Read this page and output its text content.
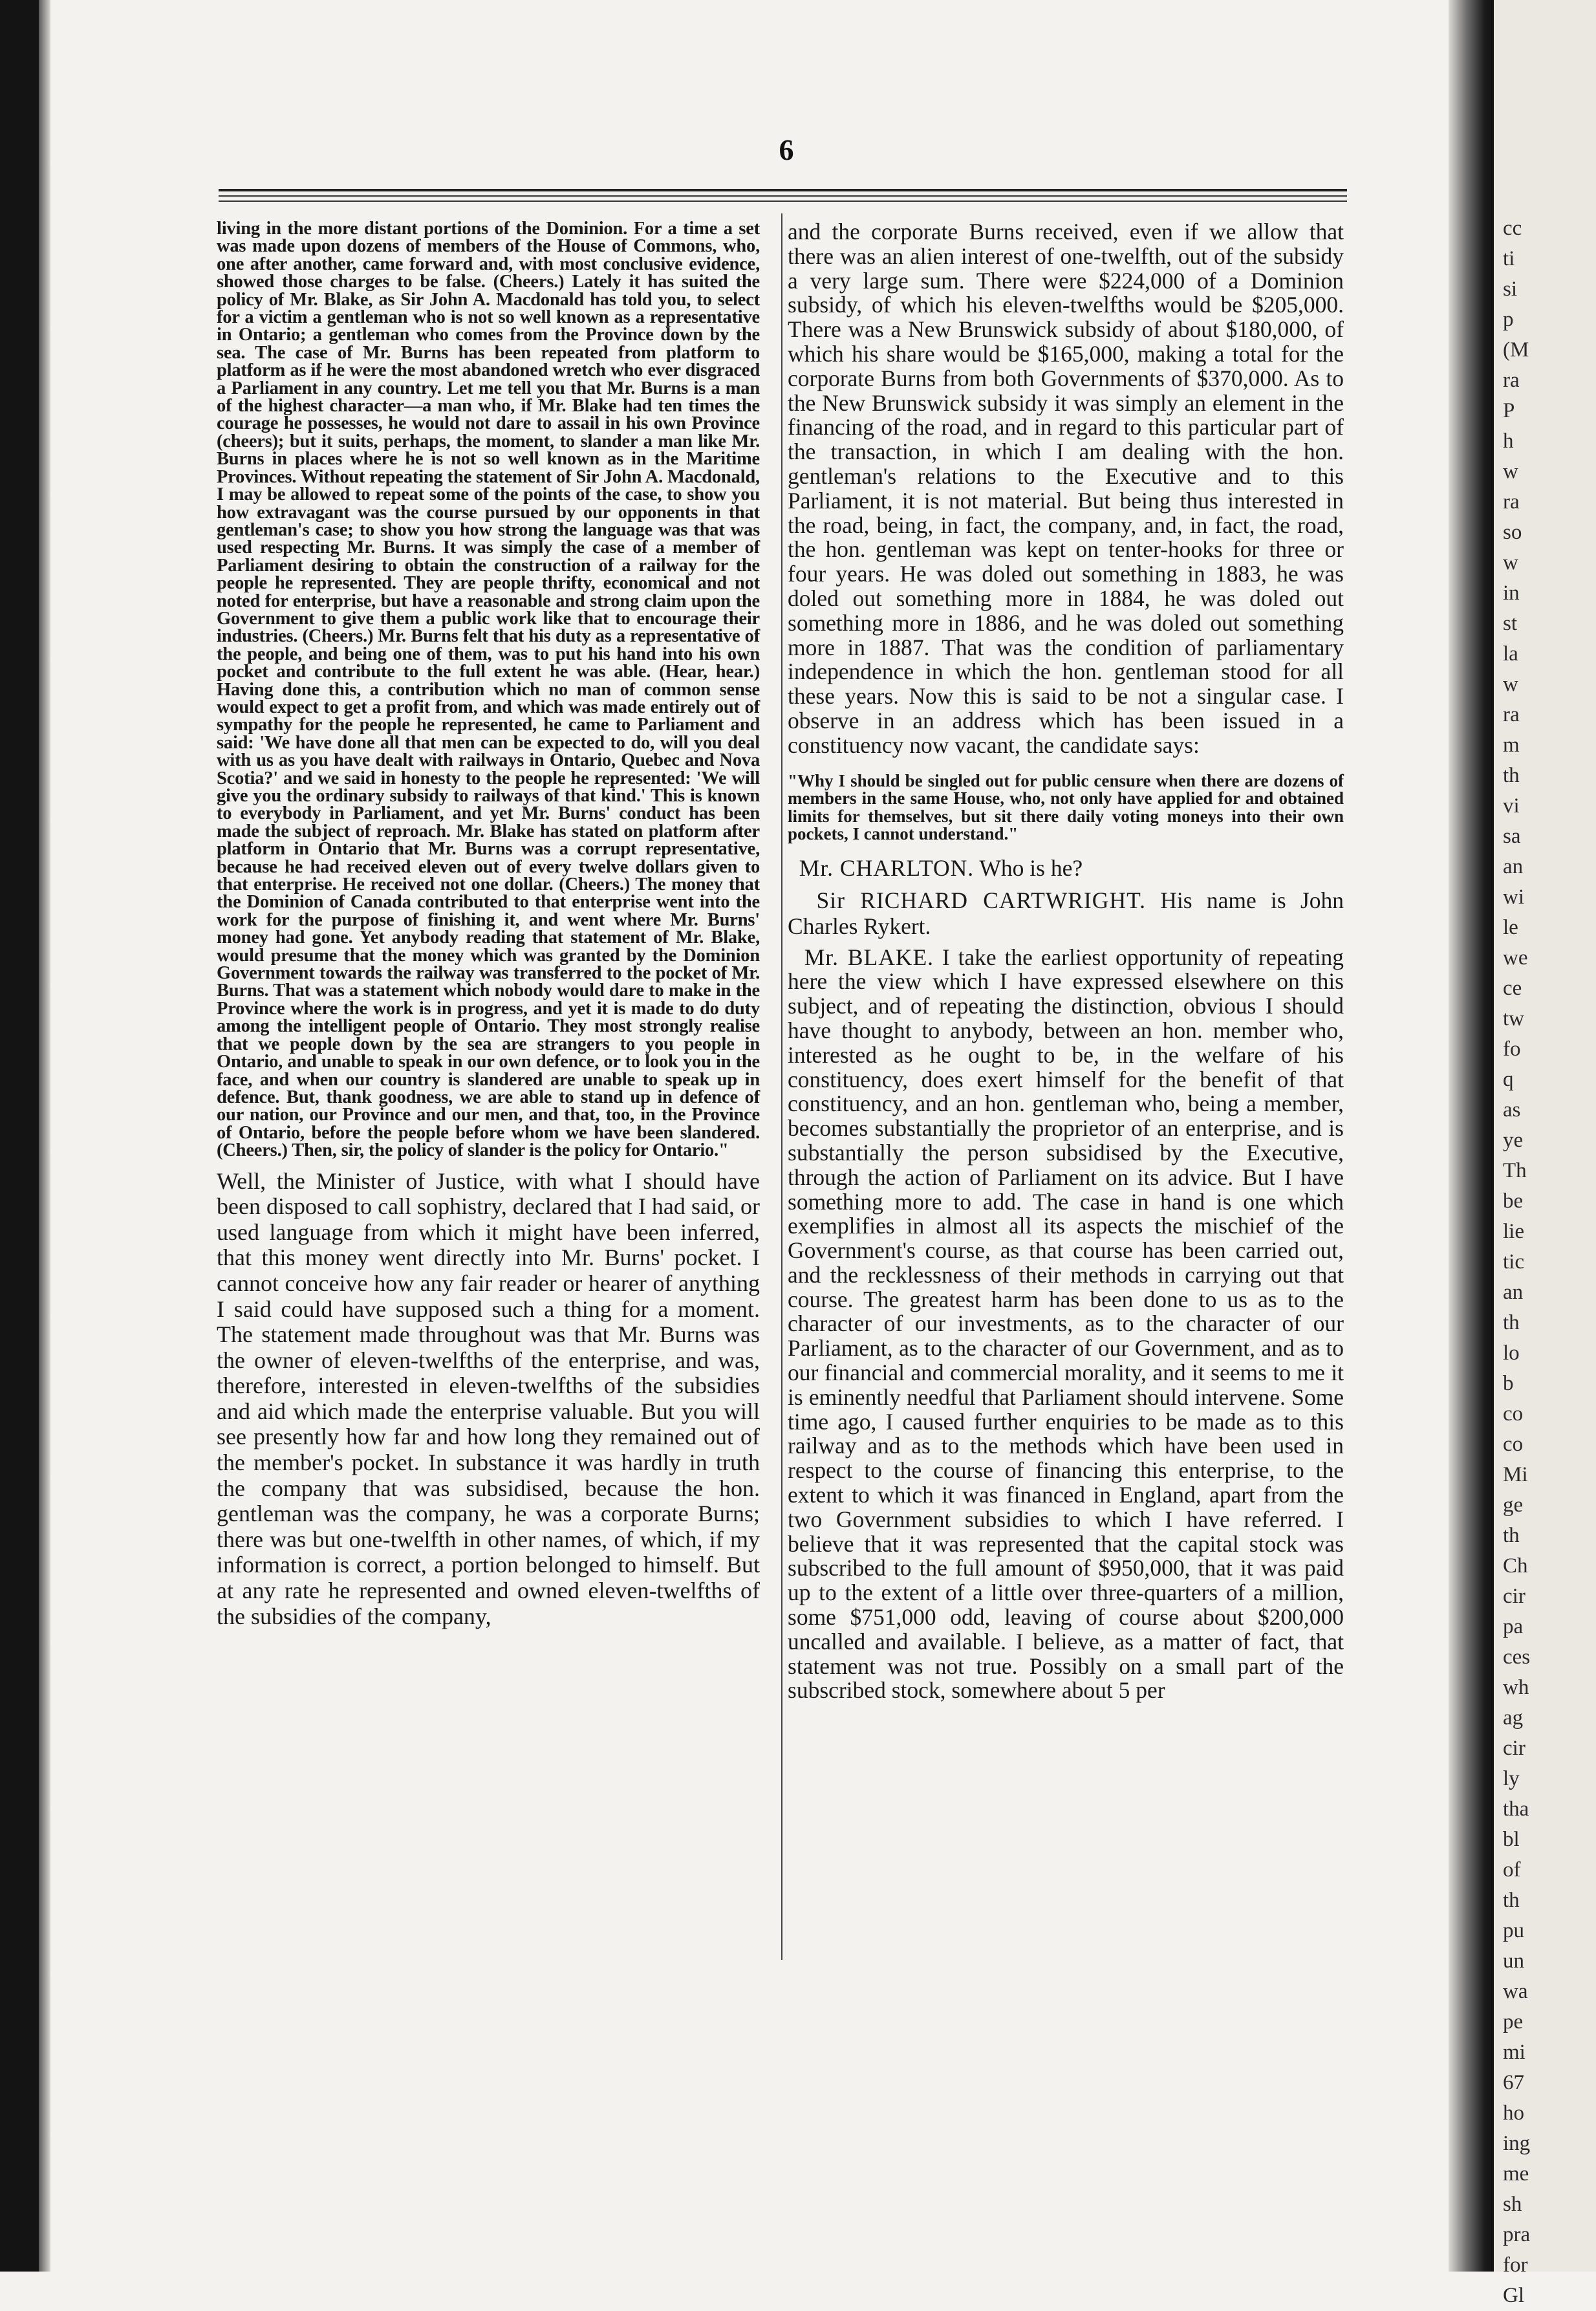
6

living in the more distant portions of the Dominion. For a time a set was made upon dozens of members of the House of Commons, who, one after another, came forward and, with most conclusive evidence, showed those charges to be false. (Cheers.) Lately it has suited the policy of Mr. Blake, as Sir John A. Macdonald has told you, to select for a victim a gentleman who is not so well known as a representative in Ontario; a gentleman who comes from the Province down by the sea. The case of Mr. Burns has been repeated from platform to platform as if he were the most abandoned wretch who ever disgraced a Parliament in any country. Let me tell you that Mr. Burns is a man of the highest character—a man who, if Mr. Blake had ten times the courage he possesses, he would not dare to assail in his own Province (cheers); but it suits, perhaps, the moment, to slander a man like Mr. Burns in places where he is not so well known as in the Maritime Provinces. Without repeating the statement of Sir John A. Macdonald, I may be allowed to repeat some of the points of the case, to show you how extravagant was the course pursued by our opponents in that gentleman's case; to show you how strong the language was that was used respecting Mr. Burns. It was simply the case of a member of Parliament desiring to obtain the construction of a railway for the people he represented. They are people thrifty, economical and not noted for enterprise, but have a reasonable and strong claim upon the Government to give them a public work like that to encourage their industries. (Cheers.) Mr. Burns felt that his duty as a representative of the people, and being one of them, was to put his hand into his own pocket and contribute to the full extent he was able. (Hear, hear.) Having done this, a contribution which no man of common sense would expect to get a profit from, and which was made entirely out of sympathy for the people he represented, he came to Parliament and said: 'We have done all that men can be expected to do, will you deal with us as you have dealt with railways in Ontario, Quebec and Nova Scotia?' and we said in honesty to the people he represented: 'We will give you the ordinary subsidy to railways of that kind.' This is known to everybody in Parliament, and yet Mr. Burns' conduct has been made the subject of reproach. Mr. Blake has stated on platform after platform in Ontario that Mr. Burns was a corrupt representative, because he had received eleven out of every twelve dollars given to that enterprise. He received not one dollar. (Cheers.) The money that the Dominion of Canada contributed to that enterprise went into the work for the purpose of finishing it, and went where Mr. Burns' money had gone. Yet anybody reading that statement of Mr. Blake, would presume that the money which was granted by the Dominion Government towards the railway was transferred to the pocket of Mr. Burns. That was a statement which nobody would dare to make in the Province where the work is in progress, and yet it is made to do duty among the intelligent people of Ontario. They most strongly realise that we people down by the sea are strangers to you people in Ontario, and unable to speak in our own defence, or to look you in the face, and when our country is slandered are unable to speak up in defence. But, thank goodness, we are able to stand up in defence of our nation, our Province and our men, and that, too, in the Province of Ontario, before the people before whom we have been slandered. (Cheers.) Then, sir, the policy of slander is the policy for Ontario."

Well, the Minister of Justice, with what I should have been disposed to call sophistry, declared that I had said, or used language from which it might have been inferred, that this money went directly into Mr. Burns' pocket. I cannot conceive how any fair reader or hearer of anything I said could have supposed such a thing for a moment. The statement made throughout was that Mr. Burns was the owner of eleven-twelfths of the enterprise, and was, therefore, interested in eleven-twelfths of the subsidies and aid which made the enterprise valuable. But you will see presently how far and how long they remained out of the member's pocket. In substance it was hardly in truth the company that was subsidised, because the hon. gentleman was the company, he was a corporate Burns; there was but one-twelfth in other names, of which, if my information is correct, a portion belonged to himself. But at any rate he represented and owned eleven-twelfths of the subsidies of the company,

and the corporate Burns received, even if we allow that there was an alien interest of one-twelfth, out of the subsidy a very large sum. There were $224,000 of a Dominion subsidy, of which his eleven-twelfths would be $205,000. There was a New Brunswick subsidy of about $180,000, of which his share would be $165,000, making a total for the corporate Burns from both Governments of $370,000. As to the New Brunswick subsidy it was simply an element in the financing of the road, and in regard to this particular part of the transaction, in which I am dealing with the hon. gentleman's relations to the Executive and to this Parliament, it is not material. But being thus interested in the road, being, in fact, the company, and, in fact, the road, the hon. gentleman was kept on tenter-hooks for three or four years. He was doled out something in 1883, he was doled out something more in 1884, he was doled out something more in 1886, and he was doled out something more in 1887. That was the condition of parliamentary independence in which the hon. gentleman stood for all these years. Now this is said to be not a singular case. I observe in an address which has been issued in a constituency now vacant, the candidate says:

"Why I should be singled out for public censure when there are dozens of members in the same House, who, not only have applied for and obtained limits for themselves, but sit there daily voting moneys into their own pockets, I cannot understand."

Mr. CHARLTON. Who is he?

Sir RICHARD CARTWRIGHT. His name is John Charles Rykert.

Mr. BLAKE. I take the earliest opportunity of repeating here the view which I have expressed elsewhere on this subject, and of repeating the distinction, obvious I should have thought to anybody, between an hon. member who, interested as he ought to be, in the welfare of his constituency, does exert himself for the benefit of that constituency, and an hon. gentleman who, being a member, becomes substantially the proprietor of an enterprise, and is substantially the person subsidised by the Executive, through the action of Parliament on its advice. But I have something more to add. The case in hand is one which exemplifies in almost all its aspects the mischief of the Government's course, as that course has been carried out, and the recklessness of their methods in carrying out that course. The greatest harm has been done to us as to the character of our investments, as to the character of our Parliament, as to the character of our Government, and as to our financial and commercial morality, and it seems to me it is eminently needful that Parliament should intervene. Some time ago, I caused further enquiries to be made as to this railway and as to the methods which have been used in respect to the course of financing this enterprise, to the extent to which it was financed in England, apart from the two Government subsidies to which I have referred. I believe that it was represented that the capital stock was subscribed to the full amount of $950,000, that it was paid up to the extent of a little over three-quarters of a million, some $751,000 odd, leaving of course about $200,000 uncalled and available. I believe, as a matter of fact, that statement was not true. Possibly on a small part of the subscribed stock, somewhere about 5 per

cc
ti
si
p
(M
ra
P
h
w
ra
so
w
in
st
la
w
ra
m
th
vi
sa
an
wi
le
we
ce
tw
fo
q
as
ye
Th
be
lie
tic
an
th
lo
b
co
co
Mi
ge
th
Ch
cir
pa
ces
wh
ag
cir
ly
tha
bl
of
th
pu
un
wa
pe
mi
67
ho
ing
me
sh
pra
for
Gl
